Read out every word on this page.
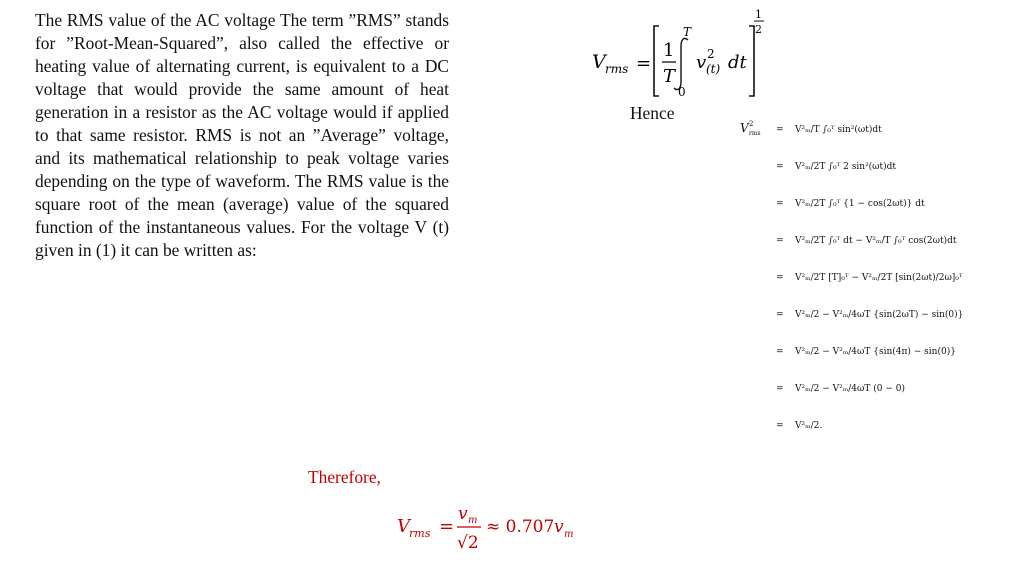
The RMS value of the AC voltage The term ”RMS” stands for ”Root-Mean-Squared”, also called the effective or heating value of alternating current, is equivalent to a DC voltage that would provide the same amount of heat generation in a resistor as the AC voltage would if applied to that same resistor. RMS is not an ”Average” voltage, and its mathematical relationship to peak voltage varies depending on the type of waveform. The RMS value is the square root of the mean (average) value of the squared function of the instantaneous values. For the voltage V (t) given in (1) it can be written as:

V rms =
1
T
T
0
v 2
(t) dt
1
2

Hence

V 2
rms = V²ₘ/T ∫₀ᵀ sin²(ωt)dt
= V²ₘ/2T ∫₀ᵀ 2 sin²(ωt)dt
= V²ₘ/2T ∫₀ᵀ {1 − cos(2ωt)} dt
= V²ₘ/2T ∫₀ᵀ dt − V²ₘ/T ∫₀ᵀ cos(2ωt)dt
= V²ₘ/2T [T]₀ᵀ − V²ₘ/2T [sin(2ωt)/2ω]₀ᵀ
= V²ₘ/2 − V²ₘ/4ωT {sin(2ωT) − sin(0)}
= V²ₘ/2 − V²ₘ/4ωT {sin(4π) − sin(0)}
= V²ₘ/2 − V²ₘ/4ωT (0 − 0)
= V²ₘ/2.

Therefore,

V rms =
v m
√2
≈ 0.707 v m
